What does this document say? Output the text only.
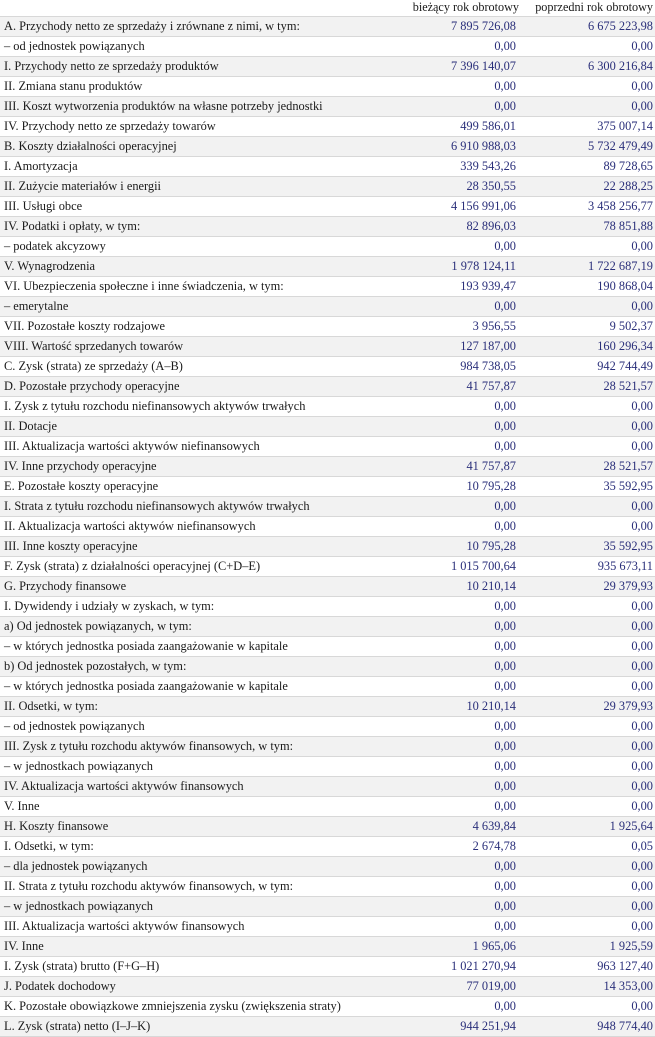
	bieżący rok obrotowy	poprzedni rok obrotowy
A. Przychody netto ze sprzedaży i zrównane z nimi, w tym:	7 895 726,08	6 675 223,98
– od jednostek powiązanych	0,00	0,00
I. Przychody netto ze sprzedaży produktów	7 396 140,07	6 300 216,84
II. Zmiana stanu produktów	0,00	0,00
III. Koszt wytworzenia produktów na własne potrzeby jednostki	0,00	0,00
IV. Przychody netto ze sprzedaży towarów	499 586,01	375 007,14
B. Koszty działalności operacyjnej	6 910 988,03	5 732 479,49
I. Amortyzacja	339 543,26	89 728,65
II. Zużycie materiałów i energii	28 350,55	22 288,25
III. Usługi obce	4 156 991,06	3 458 256,77
IV. Podatki i opłaty, w tym:	82 896,03	78 851,88
– podatek akcyzowy	0,00	0,00
V. Wynagrodzenia	1 978 124,11	1 722 687,19
VI. Ubezpieczenia społeczne i inne świadczenia, w tym:	193 939,47	190 868,04
– emerytalne	0,00	0,00
VII. Pozostałe koszty rodzajowe	3 956,55	9 502,37
VIII. Wartość sprzedanych towarów	127 187,00	160 296,34
C. Zysk (strata) ze sprzedaży (A–B)	984 738,05	942 744,49
D. Pozostałe przychody operacyjne	41 757,87	28 521,57
I. Zysk z tytułu rozchodu niefinansowych aktywów trwałych	0,00	0,00
II. Dotacje	0,00	0,00
III. Aktualizacja wartości aktywów niefinansowych	0,00	0,00
IV. Inne przychody operacyjne	41 757,87	28 521,57
E. Pozostałe koszty operacyjne	10 795,28	35 592,95
I. Strata z tytułu rozchodu niefinansowych aktywów trwałych	0,00	0,00
II. Aktualizacja wartości aktywów niefinansowych	0,00	0,00
III. Inne koszty operacyjne	10 795,28	35 592,95
F. Zysk (strata) z działalności operacyjnej (C+D–E)	1 015 700,64	935 673,11
G. Przychody finansowe	10 210,14	29 379,93
I. Dywidendy i udziały w zyskach, w tym:	0,00	0,00
a) Od jednostek powiązanych, w tym:	0,00	0,00
– w których jednostka posiada zaangażowanie w kapitale	0,00	0,00
b) Od jednostek pozostałych, w tym:	0,00	0,00
– w których jednostka posiada zaangażowanie w kapitale	0,00	0,00
II. Odsetki, w tym:	10 210,14	29 379,93
– od jednostek powiązanych	0,00	0,00
III. Zysk z tytułu rozchodu aktywów finansowych, w tym:	0,00	0,00
– w jednostkach powiązanych	0,00	0,00
IV. Aktualizacja wartości aktywów finansowych	0,00	0,00
V. Inne	0,00	0,00
H. Koszty finansowe	4 639,84	1 925,64
I. Odsetki, w tym:	2 674,78	0,05
– dla jednostek powiązanych	0,00	0,00
II. Strata z tytułu rozchodu aktywów finansowych, w tym:	0,00	0,00
– w jednostkach powiązanych	0,00	0,00
III. Aktualizacja wartości aktywów finansowych	0,00	0,00
IV. Inne	1 965,06	1 925,59
I. Zysk (strata) brutto (F+G–H)	1 021 270,94	963 127,40
J. Podatek dochodowy	77 019,00	14 353,00
K. Pozostałe obowiązkowe zmniejszenia zysku (zwiększenia straty)	0,00	0,00
L. Zysk (strata) netto (I–J–K)	944 251,94	948 774,40
